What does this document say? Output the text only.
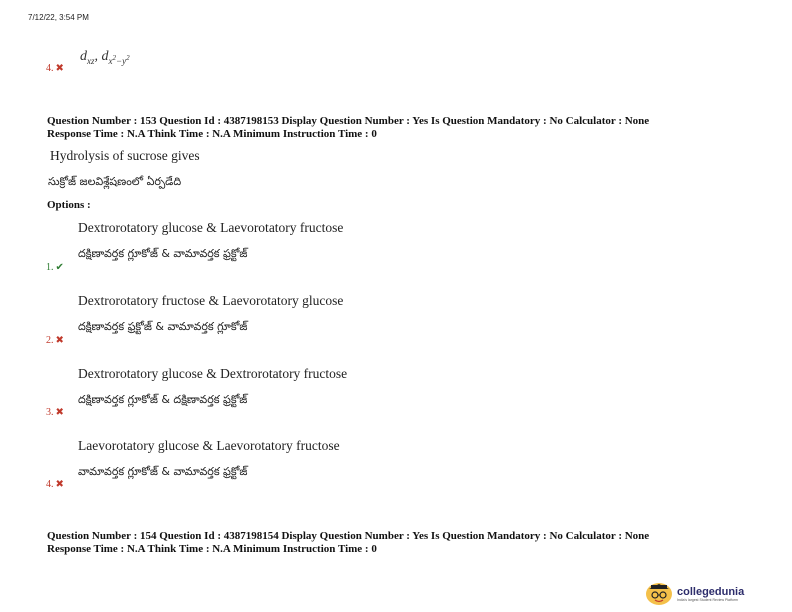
7/12/22, 3:54 PM
4. ✖
$d_{xz}$, $d_{x^2-y^2}$
Question Number : 153 Question Id : 4387198153 Display Question Number : Yes Is Question Mandatory : No Calculator : None
Response Time : N.A Think Time : N.A Minimum Instruction Time : 0
Hydrolysis of sucrose gives
సుక్రోజ్ జలవిశ్లేషణంలో ఏర్పడేది
Options :
Dextrorotatory glucose & Laevorotatory fructose
దక్షిణావర్తక గ్లూకోజ్ & వామావర్తక ఫ్రక్టోజ్
1. ✔
Dextrorotatory fructose & Laevorotatory glucose
దక్షిణావర్తక ఫ్రక్టోజ్ & వామావర్తక గ్లూకోజ్
2. ✖
Dextrorotatory glucose & Dextrorotatory fructose
దక్షిణావర్తక గ్లూకోజ్ & దక్షిణావర్తక ఫ్రక్టోజ్
3. ✖
Laevorotatory glucose & Laevorotatory fructose
వామావర్తక గ్లూకోజ్ & వామావర్తక ఫ్రక్టోజ్
4. ✖
Question Number : 154 Question Id : 4387198154 Display Question Number : Yes Is Question Mandatory : No Calculator : None
Response Time : N.A Think Time : N.A Minimum Instruction Time : 0
collegedunia
India's largest Student Review Platform
